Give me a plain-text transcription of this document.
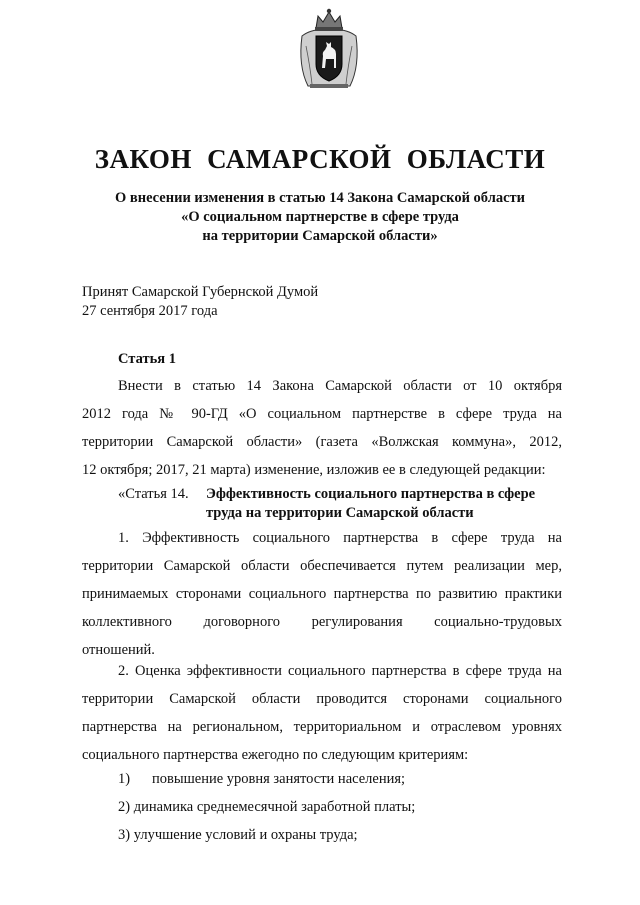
ЗАКОН САМАРСКОЙ ОБЛАСТИ
О внесении изменения в статью 14 Закона Самарской области
«О социальном партнерстве в сфере труда
на территории Самарской области»
Принят Самарской Губернской Думой
27 сентября 2017 года
Статья 1
Внести в статью 14 Закона Самарской области от 10 октября
2012 года № 90-ГД «О социальном партнерстве в сфере труда на
территории Самарской области» (газета «Волжская коммуна», 2012,
12 октября; 2017, 21 марта) изменение, изложив ее в следующей редакции:
«Статья 14. Эффективность социального партнерства в сфере
труда на территории Самарской области
1. Эффективность социального партнерства в сфере труда на
территории Самарской области обеспечивается путем реализации мер,
принимаемых сторонами социального партнерства по развитию практики
коллективного договорного регулирования социально-трудовых
отношений.
2. Оценка эффективности социального партнерства в сфере труда на
территории Самарской области проводится сторонами социального
партнерства на региональном, территориальном и отраслевом уровнях
социального партнерства ежегодно по следующим критериям:
1) повышение уровня занятости населения;
2) динамика среднемесячной заработной платы;
3) улучшение условий и охраны труда;
